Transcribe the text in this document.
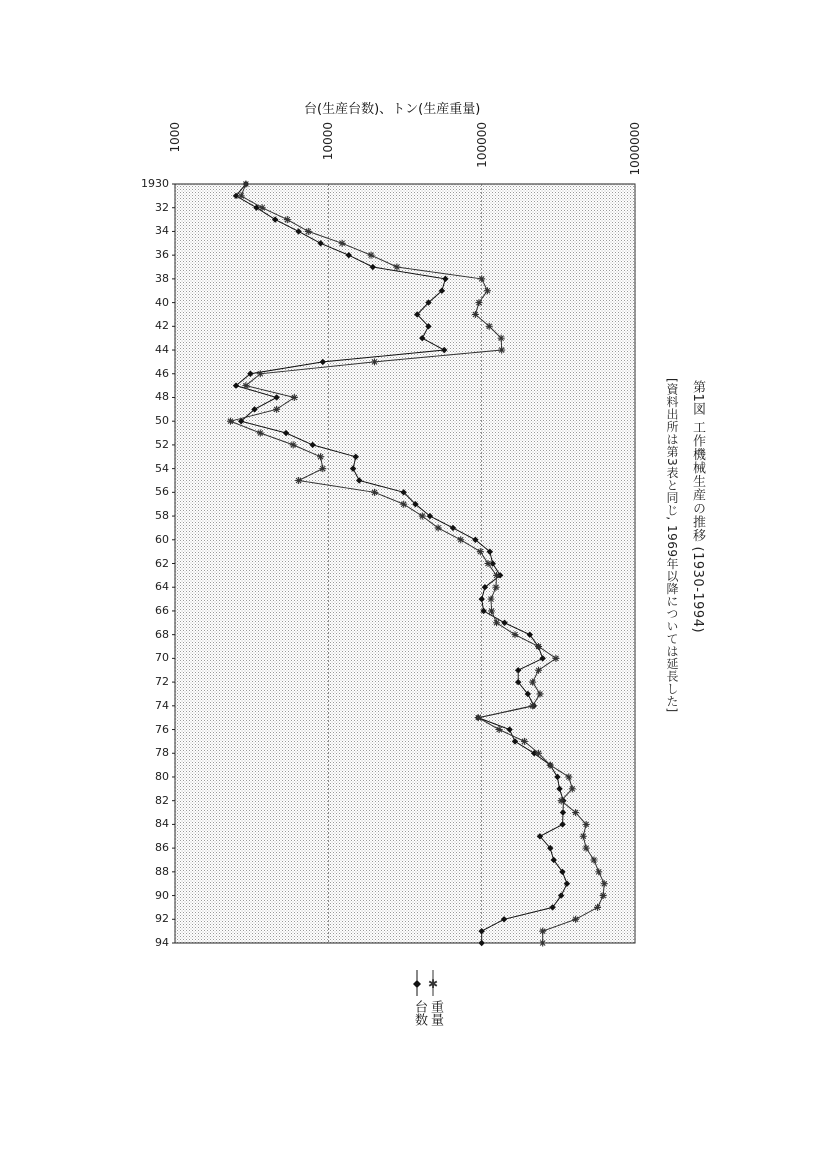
第1図 工作機械生産の推移 (1930-1994)
[資料出所は第3表と同じ, 1969年以降については延長した]
台(生産台数)、トン(生産重量)
1930
32
34
36
38
40
42
44
46
48
50
52
54
56
58
60
62
64
66
68
70
72
74
76
78
80
82
84
86
88
90
92
94
1000	10000	100000	1000000
✱
台数 重量
